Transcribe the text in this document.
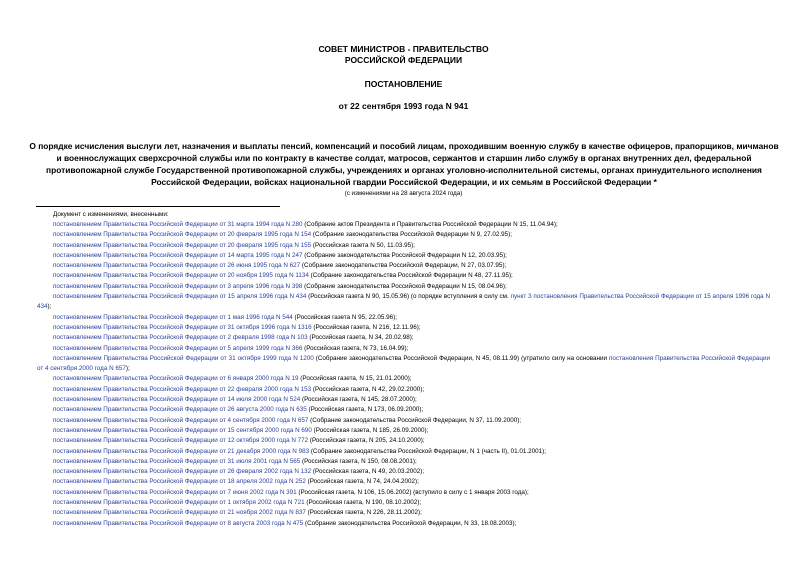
СОВЕТ МИНИСТРОВ - ПРАВИТЕЛЬСТВО
РОССИЙСКОЙ ФЕДЕРАЦИИ
ПОСТАНОВЛЕНИЕ
от 22 сентября 1993 года N 941
О порядке исчисления выслуги лет, назначения и выплаты пенсий, компенсаций и пособий лицам, проходившим военную службу в качестве офицеров, прапорщиков, мичманов и военнослужащих сверхсрочной службы или по контракту в качестве солдат, матросов, сержантов и старшин либо службу в органах внутренних дел, федеральной противопожарной службе Государственной противопожарной службы, учреждениях и органах уголовно-исполнительной системы, органах принудительного исполнения Российской Федерации, войсках национальной гвардии Российской Федерации, и их семьям в Российской Федерации *
(с изменениями на 28 августа 2024 года)
Документ с изменениями, внесенными:

постановлением Правительства Российской Федерации от 31 марта 1994 года N 280 (Собрание актов Президента и Правительства Российской Федерации N 15, 11.04.94);

постановлением Правительства Российской Федерации от 20 февраля 1995 года N 154 (Собрание законодательства Российской Федерации N 9, 27.02.95);

постановлением Правительства Российской Федерации от 20 февраля 1995 года N 155 (Российская газета N 50, 11.03.95);

постановлением Правительства Российской Федерации от 14 марта 1995 года N 247 (Собрание законодательства Российской Федерации N 12, 20.03.95);

постановлением Правительства Российской Федерации от 26 июня 1995 года N 627 (Собрание законодательства Российской Федерации, N 27, 03.07.95);

постановлением Правительства Российской Федерации от 20 ноября 1995 года N 1134 (Собрание законодательства Российской Федерации N 48, 27.11.95);

постановлением Правительства Российской Федерации от 3 апреля 1996 года N 398 (Собрание законодательства Российской Федерации N 15, 08.04.96);

постановлением Правительства Российской Федерации от 15 апреля 1996 года N 434 (Российская газета N 90, 15.05.96) (о порядке вступления в силу см. пункт 3 постановления Правительства Российской Федерации от 15 апреля 1996 года N 434);

постановлением Правительства Российской Федерации от 1 мая 1996 года N 544 (Российская газета N 95, 22.05.96);

постановлением Правительства Российской Федерации от 31 октября 1996 года N 1316 (Российская газета, N 216, 12.11.96);

постановлением Правительства Российской Федерации от 2 февраля 1998 года N 103 (Российская газета, N 34, 20.02.98);

постановлением Правительства Российской Федерации от 5 апреля 1999 года N 366 (Российская газета, N 73, 16.04.99);

постановлением Правительства Российской Федерации от 31 октября 1999 года N 1200 (Собрание законодательства Российской Федерации, N 45, 08.11.99) (утратило силу на основании постановления Правительства Российской Федерации от 4 сентября 2000 года N 657);

постановлением Правительства Российской Федерации от 6 января 2000 года N 19 (Российская газета, N 15, 21.01.2000);

постановлением Правительства Российской Федерации от 22 февраля 2000 года N 153 (Российская газета, N 42, 29.02.2000);

постановлением Правительства Российской Федерации от 14 июля 2000 года N 524 (Российская газета, N 145, 28.07.2000);

постановлением Правительства Российской Федерации от 26 августа 2000 года N 635 (Российская газета, N 173, 06.09.2000);

постановлением Правительства Российской Федерации от 4 сентября 2000 года N 657 (Собрание законодательства Российской Федерации, N 37, 11.09.2000);

постановлением Правительства Российской Федерации от 15 сентября 2000 года N 690 (Российская газета, N 185, 26.09.2000);

постановлением Правительства Российской Федерации от 12 октября 2000 года N 772 (Российская газета, N 205, 24.10.2000);

постановлением Правительства Российской Федерации от 21 декабря 2000 года N 983 (Собрание законодательства Российской Федерации, N 1 (часть II), 01.01.2001);

постановлением Правительства Российской Федерации от 31 июля 2001 года N 565 (Российская газета, N 150, 08.08.2001);

постановлением Правительства Российской Федерации от 26 февраля 2002 года N 132 (Российская газета, N 49, 20.03.2002);

постановлением Правительства Российской Федерации от 18 апреля 2002 года N 252 (Российская газета, N 74, 24.04.2002);

постановлением Правительства Российской Федерации от 7 июня 2002 года N 391 (Российская газета, N 106, 15.06.2002) (вступило в силу с 1 января 2003 года);

постановлением Правительства Российской Федерации от 1 октября 2002 года N 721 (Российская газета, N 190, 08.10.2002);

постановлением Правительства Российской Федерации от 21 ноября 2002 года N 837 (Российская газета, N 226, 28.11.2002);

постановлением Правительства Российской Федерации от 8 августа 2003 года N 475 (Собрание законодательства Российской Федерации, N 33, 18.08.2003);
